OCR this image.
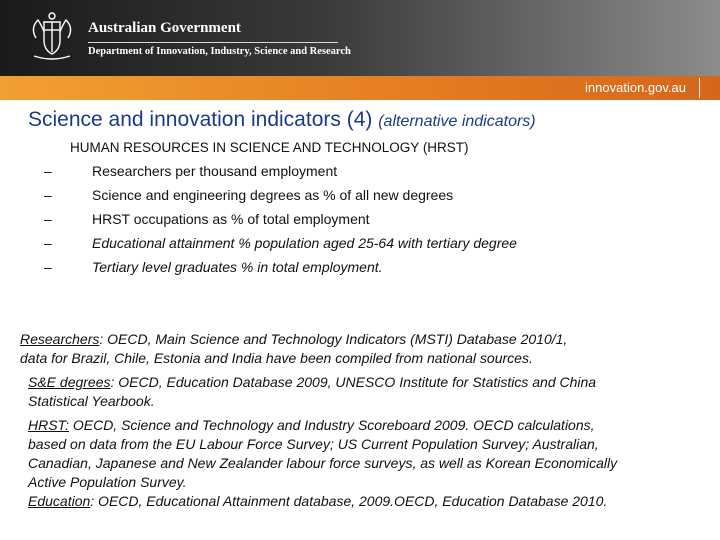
Australian Government
Department of Innovation, Industry, Science and Research
innovation.gov.au
Science and innovation indicators (4) (alternative indicators)
HUMAN RESOURCES IN SCIENCE AND TECHNOLOGY (HRST)
–	Researchers per thousand employment
–	Science and engineering degrees as % of all new degrees
–	HRST occupations as % of total employment
–	Educational attainment % population aged 25-64 with tertiary degree
–	Tertiary level graduates % in total employment.

Researchers: OECD, Main Science and Technology Indicators (MSTI) Database 2010/1,
data for Brazil, Chile, Estonia and India have been compiled from national sources.

S&E degrees: OECD, Education Database 2009, UNESCO Institute for Statistics and China
Statistical Yearbook.

HRST: OECD, Science and Technology and Industry Scoreboard 2009. OECD calculations,
based on data from the EU Labour Force Survey; US Current Population Survey; Australian,
Canadian, Japanese and New Zealander labour force surveys, as well as Korean Economically
Active Population Survey.

Education: OECD, Educational Attainment database, 2009.OECD, Education Database 2010.
